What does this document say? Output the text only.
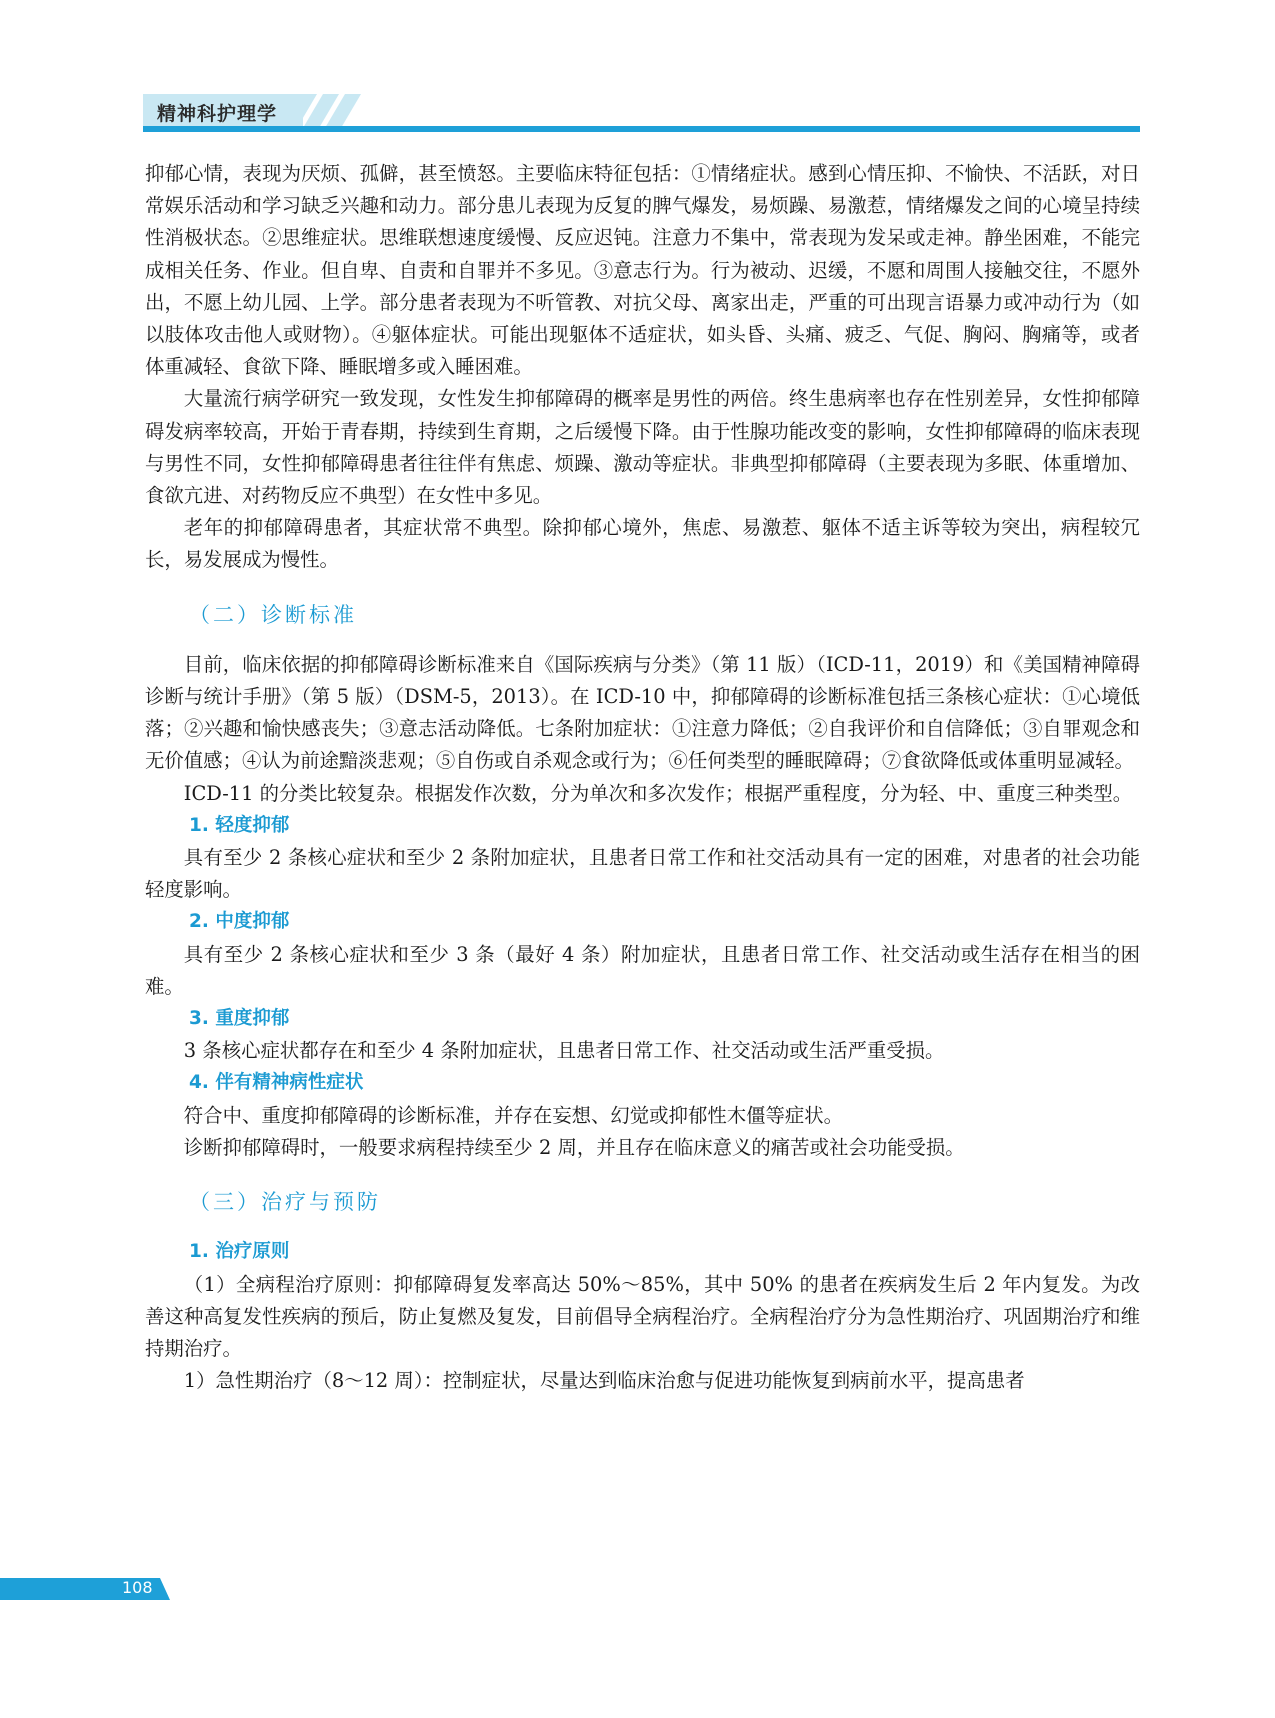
精神科护理学

抑郁心情，表现为厌烦、孤僻，甚至愤怒。主要临床特征包括：①情绪症状。感到心情压抑、不愉快、不活跃，对日常娱乐活动和学习缺乏兴趣和动力。部分患儿表现为反复的脾气爆发，易烦躁、易激惹，情绪爆发之间的心境呈持续性消极状态。②思维症状。思维联想速度缓慢、反应迟钝。注意力不集中，常表现为发呆或走神。静坐困难，不能完成相关任务、作业。但自卑、自责和自罪并不多见。③意志行为。行为被动、迟缓，不愿和周围人接触交往，不愿外出，不愿上幼儿园、上学。部分患者表现为不听管教、对抗父母、离家出走，严重的可出现言语暴力或冲动行为（如以肢体攻击他人或财物）。④躯体症状。可能出现躯体不适症状，如头昏、头痛、疲乏、气促、胸闷、胸痛等，或者体重减轻、食欲下降、睡眠增多或入睡困难。

大量流行病学研究一致发现，女性发生抑郁障碍的概率是男性的两倍。终生患病率也存在性别差异，女性抑郁障碍发病率较高，开始于青春期，持续到生育期，之后缓慢下降。由于性腺功能改变的影响，女性抑郁障碍的临床表现与男性不同，女性抑郁障碍患者往往伴有焦虑、烦躁、激动等症状。非典型抑郁障碍（主要表现为多眠、体重增加、食欲亢进、对药物反应不典型）在女性中多见。

老年的抑郁障碍患者，其症状常不典型。除抑郁心境外，焦虑、易激惹、躯体不适主诉等较为突出，病程较冗长，易发展成为慢性。

（二）诊断标准

目前，临床依据的抑郁障碍诊断标准来自《国际疾病与分类》（第 11 版）（ICD-11，2019）和《美国精神障碍诊断与统计手册》（第 5 版）（DSM-5，2013）。在 ICD-10 中，抑郁障碍的诊断标准包括三条核心症状：①心境低落；②兴趣和愉快感丧失；③意志活动降低。七条附加症状：①注意力降低；②自我评价和自信降低；③自罪观念和无价值感；④认为前途黯淡悲观；⑤自伤或自杀观念或行为；⑥任何类型的睡眠障碍；⑦食欲降低或体重明显减轻。

ICD-11 的分类比较复杂。根据发作次数，分为单次和多次发作；根据严重程度，分为轻、中、重度三种类型。

1. 轻度抑郁

具有至少 2 条核心症状和至少 2 条附加症状，且患者日常工作和社交活动具有一定的困难，对患者的社会功能轻度影响。

2. 中度抑郁

具有至少 2 条核心症状和至少 3 条（最好 4 条）附加症状，且患者日常工作、社交活动或生活存在相当的困难。

3. 重度抑郁

3 条核心症状都存在和至少 4 条附加症状，且患者日常工作、社交活动或生活严重受损。

4. 伴有精神病性症状

符合中、重度抑郁障碍的诊断标准，并存在妄想、幻觉或抑郁性木僵等症状。

诊断抑郁障碍时，一般要求病程持续至少 2 周，并且存在临床意义的痛苦或社会功能受损。

（三）治疗与预防

1. 治疗原则

（1）全病程治疗原则：抑郁障碍复发率高达 50%～85%，其中 50% 的患者在疾病发生后 2 年内复发。为改善这种高复发性疾病的预后，防止复燃及复发，目前倡导全病程治疗。全病程治疗分为急性期治疗、巩固期治疗和维持期治疗。

1）急性期治疗（8～12 周）：控制症状，尽量达到临床治愈与促进功能恢复到病前水平，提高患者

108
